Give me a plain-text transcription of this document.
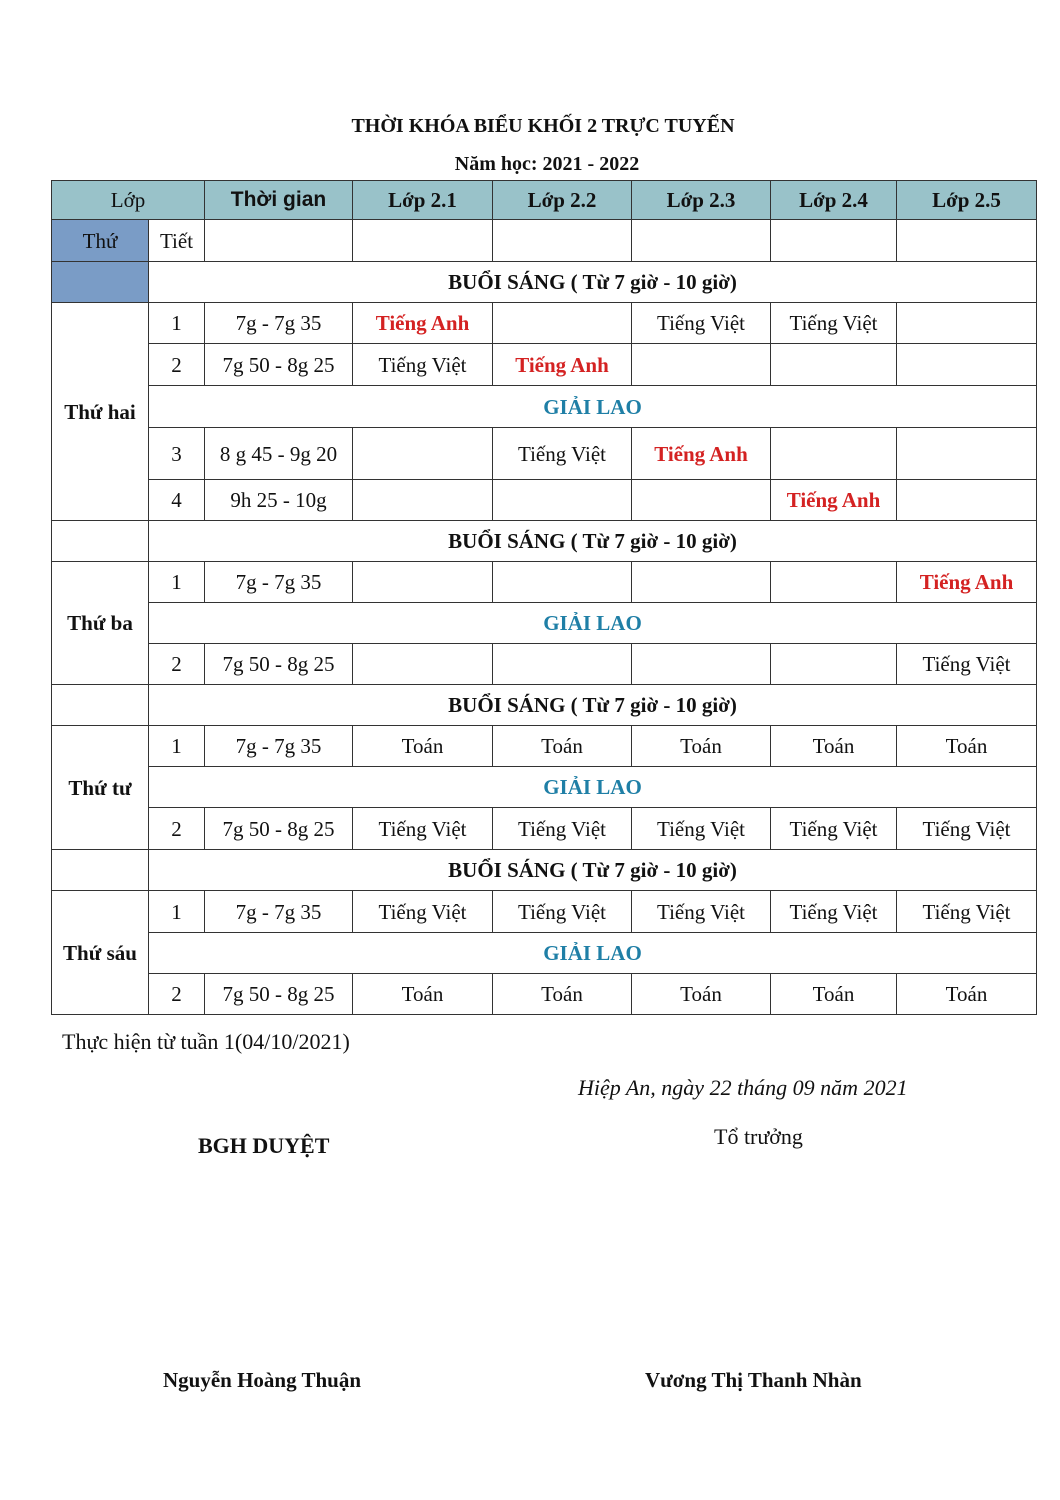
THỜI KHÓA BIỂU KHỐI 2 TRỰC TUYẾN
Năm học: 2021 - 2022
Lớp		Thời gian	Lớp 2.1	Lớp 2.2	Lớp 2.3	Lớp 2.4	Lớp 2.5
Thứ	Tiết						
	BUỔI SÁNG ( Từ 7 giờ - 10 giờ)						
Thứ hai	1	7g - 7g 35	Tiếng Anh		Tiếng Việt	Tiếng Việt	
	2	7g 50 - 8g 25	Tiếng Việt	Tiếng Anh			
	GIẢI LAO						
	3	8 g 45 - 9g 20		Tiếng Việt	Tiếng Anh		
	4	9h 25 - 10g				Tiếng Anh	
	BUỔI SÁNG ( Từ 7 giờ - 10 giờ)						
Thứ ba	1	7g - 7g 35					Tiếng Anh
	GIẢI LAO						
	2	7g 50 - 8g 25					Tiếng Việt
	BUỔI SÁNG ( Từ 7 giờ - 10 giờ)						
Thứ tư	1	7g - 7g 35	Toán	Toán	Toán	Toán	Toán
	GIẢI LAO						
	2	7g 50 - 8g 25	Tiếng Việt	Tiếng Việt	Tiếng Việt	Tiếng Việt	Tiếng Việt
	BUỔI SÁNG ( Từ 7 giờ - 10 giờ)						
Thứ sáu	1	7g - 7g 35	Tiếng Việt	Tiếng Việt	Tiếng Việt	Tiếng Việt	Tiếng Việt
	GIẢI LAO						
	2	7g 50 - 8g 25	Toán	Toán	Toán	Toán	Toán
Thực hiện từ tuần 1(04/10/2021)
Hiệp An, ngày 22 tháng 09 năm 2021
BGH DUYỆT	Tổ trưởng
Nguyễn Hoàng Thuận	Vương Thị Thanh Nhàn
